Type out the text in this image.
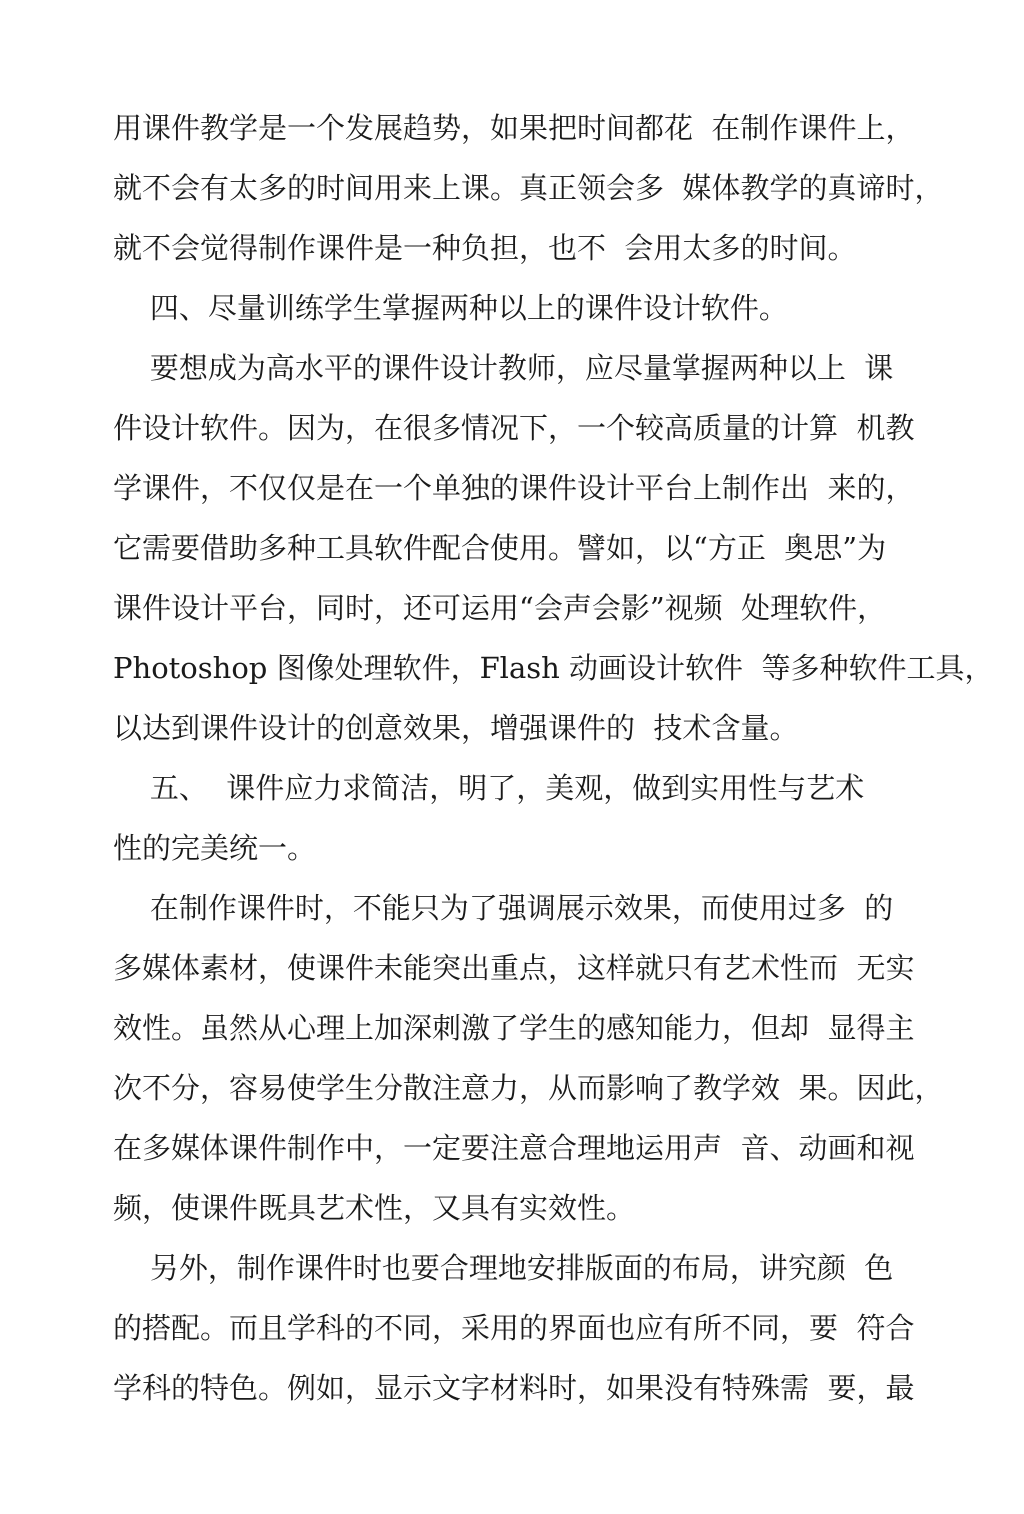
用课件教学是一个发展趋势，如果把时间都花  在制作课件上，
就不会有太多的时间用来上课。真正领会多  媒体教学的真谛时，
就不会觉得制作课件是一种负担，也不  会用太多的时间。
四、尽量训练学生掌握两种以上的课件设计软件。
要想成为高水平的课件设计教师，应尽量掌握两种以上  课
件设计软件。因为，在很多情况下，一个较高质量的计算  机教
学课件，不仅仅是在一个单独的课件设计平台上制作出  来的，
它需要借助多种工具软件配合使用。譬如，以“方正  奥思”为
课件设计平台，同时，还可运用“会声会影”视频  处理软件，
Photoshop 图像处理软件，Flash 动画设计软件  等多种软件工具，
以达到课件设计的创意效果，增强课件的  技术含量。
五、  课件应力求简洁，明了，美观，做到实用性与艺术
性的完美统一。
在制作课件时，不能只为了强调展示效果，而使用过多  的
多媒体素材，使课件未能突出重点，这样就只有艺术性而  无实
效性。虽然从心理上加深刺激了学生的感知能力，但却  显得主
次不分，容易使学生分散注意力，从而影响了教学效  果。因此，
在多媒体课件制作中，一定要注意合理地运用声  音、动画和视
频，使课件既具艺术性，又具有实效性。
另外，制作课件时也要合理地安排版面的布局，讲究颜  色
的搭配。而且学科的不同，采用的界面也应有所不同，要  符合
学科的特色。例如，显示文字材料时，如果没有特殊需  要，最
